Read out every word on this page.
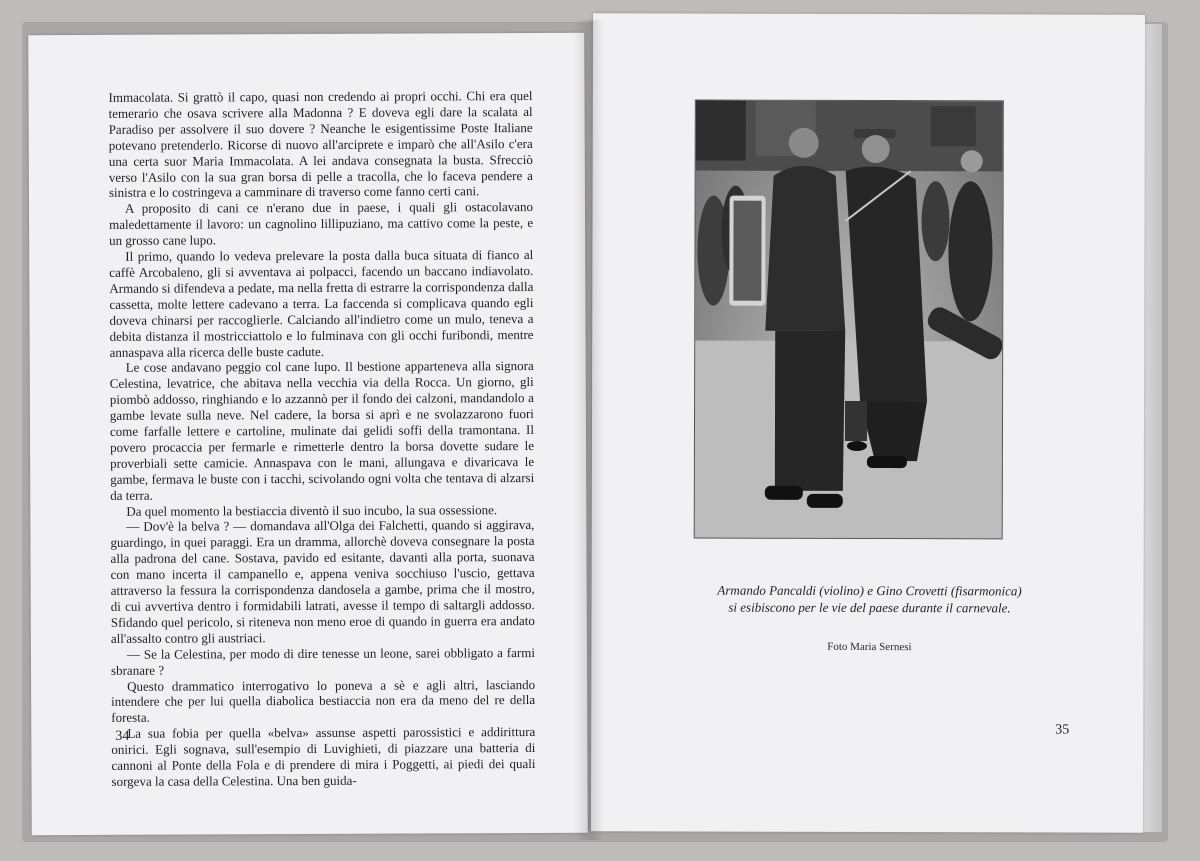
Immacolata. Si grattò il capo, quasi non credendo ai propri occhi. Chi era quel temerario che osava scrivere alla Madonna ? E doveva egli dare la scalata al Paradiso per assolvere il suo dovere ? Neanche le esigentissime Poste Italiane potevano pretenderlo. Ricorse di nuovo all'arciprete e imparò che all'Asilo c'era una certa suor Maria Immacolata. A lei andava consegnata la busta. Sfrecciò verso l'Asilo con la sua gran borsa di pelle a tracolla, che lo faceva pendere a sinistra e lo costringeva a camminare di traverso come fanno certi cani.

A proposito di cani ce n'erano due in paese, i quali gli ostacolavano maledettamente il lavoro: un cagnolino lillipuziano, ma cattivo come la peste, e un grosso cane lupo.

Il primo, quando lo vedeva prelevare la posta dalla buca situata di fianco al caffè Arcobaleno, gli si avventava ai polpacci, facendo un baccano indiavolato. Armando si difendeva a pedate, ma nella fretta di estrarre la corrispondenza dalla cassetta, molte lettere cadevano a terra. La faccenda si complicava quando egli doveva chinarsi per raccoglierle. Calciando all'indietro come un mulo, teneva a debita distanza il mostricciattolo e lo fulminava con gli occhi furibondi, mentre annaspava alla ricerca delle buste cadute.

Le cose andavano peggio col cane lupo. Il bestione apparteneva alla signora Celestina, levatrice, che abitava nella vecchia via della Rocca. Un giorno, gli piombò addosso, ringhiando e lo azzannò per il fondo dei calzoni, mandandolo a gambe levate sulla neve. Nel cadere, la borsa si aprì e ne svolazzarono fuori come farfalle lettere e cartoline, mulinate dai gelidi soffi della tramontana. Il povero procaccia per fermarle e rimetterle dentro la borsa dovette sudare le proverbiali sette camicie. Annaspava con le mani, allungava e divaricava le gambe, fermava le buste con i tacchi, scivolando ogni volta che tentava di alzarsi da terra.

Da quel momento la bestiaccia diventò il suo incubo, la sua ossessione.

— Dov'è la belva ? — domandava all'Olga dei Falchetti, quando si aggirava, guardingo, in quei paraggi. Era un dramma, allorchè doveva consegnare la posta alla padrona del cane. Sostava, pavido ed esitante, davanti alla porta, suonava con mano incerta il campanello e, appena veniva socchiuso l'uscio, gettava attraverso la fessura la corrispondenza dandosela a gambe, prima che il mostro, di cui avvertiva dentro i formidabili latrati, avesse il tempo di saltargli addosso. Sfidando quel pericolo, si riteneva non meno eroe di quando in guerra era andato all'assalto contro gli austriaci.

— Se la Celestina, per modo di dire tenesse un leone, sarei obbligato a farmi sbranare ?

Questo drammatico interrogativo lo poneva a sè e agli altri, lasciando intendere che per lui quella diabolica bestiaccia non era da meno del re della foresta.

La sua fobia per quella «belva» assunse aspetti parossistici e addirittura onirici. Egli sognava, sull'esempio di Luvighieti, di piazzare una batteria di cannoni al Ponte della Fola e di prendere di mira i Poggetti, ai piedi dei quali sorgeva la casa della Celestina. Una ben guida-

34
Armando Pancaldi (violino) e Gino Crovetti (fisarmonica)
si esibiscono per le vie del paese durante il carnevale.
Foto Maria Sernesi
35
